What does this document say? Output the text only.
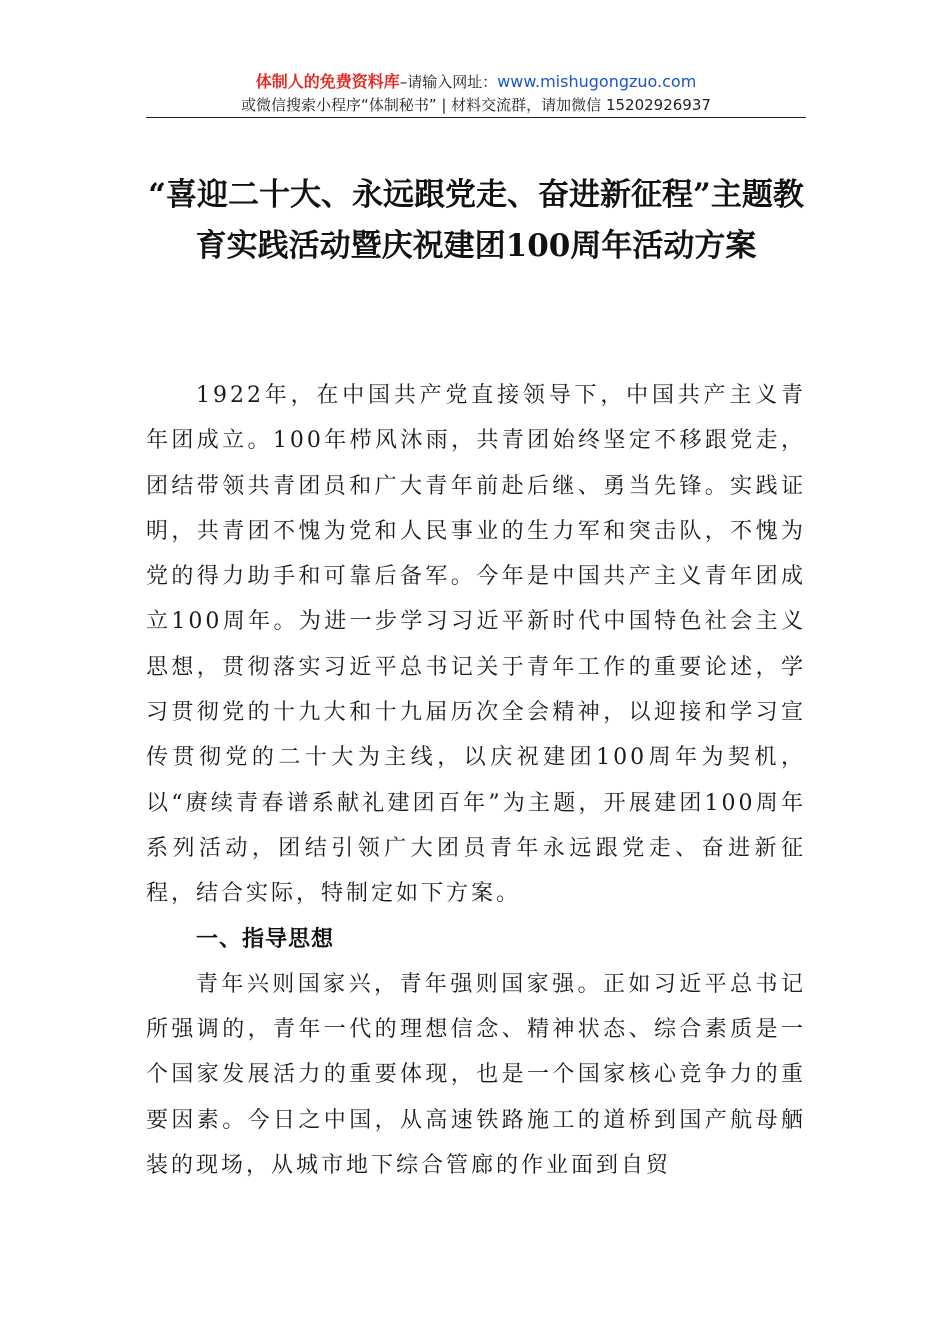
体制人的免费资料库–请输入网址：www.mishugongzuo.com
或微信搜索小程序“体制秘书” | 材料交流群，请加微信 15202926937
“喜迎二十大、永远跟党走、奋进新征程”主题教育实践活动暨庆祝建团100周年活动方案

1922年，在中国共产党直接领导下，中国共产主义青年团成立。100年栉风沐雨，共青团始终坚定不移跟党走，团结带领共青团员和广大青年前赴后继、勇当先锋。实践证明，共青团不愧为党和人民事业的生力军和突击队，不愧为党的得力助手和可靠后备军。今年是中国共产主义青年团成立100周年。为进一步学习习近平新时代中国特色社会主义思想，贯彻落实习近平总书记关于青年工作的重要论述，学习贯彻党的十九大和十九届历次全会精神，以迎接和学习宣传贯彻党的二十大为主线，以庆祝建团100周年为契机，以“赓续青春谱系献礼建团百年”为主题，开展建团100周年系列活动，团结引领广大团员青年永远跟党走、奋进新征程，结合实际，特制定如下方案。

一、指导思想

青年兴则国家兴，青年强则国家强。正如习近平总书记所强调的，青年一代的理想信念、精神状态、综合素质是一个国家发展活力的重要体现，也是一个国家核心竞争力的重要因素。今日之中国，从高速铁路施工的道桥到国产航母舾装的现场，从城市地下综合管廊的作业面到自贸
